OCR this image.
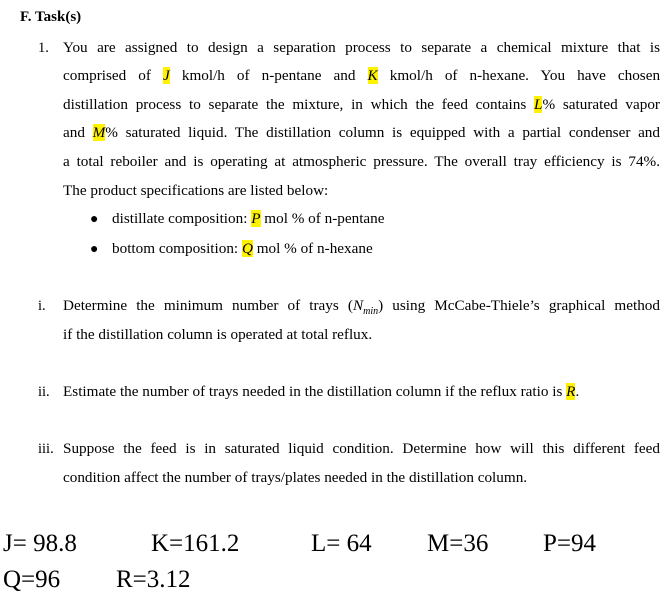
F. Task(s)
1. You are assigned to design a separation process to separate a chemical mixture that is
comprised of J kmol/h of n-pentane and K kmol/h of n-hexane. You have chosen
distillation process to separate the mixture, in which the feed contains L% saturated vapor
and M% saturated liquid. The distillation column is equipped with a partial condenser and
a total reboiler and is operating at atmospheric pressure. The overall tray efficiency is 74%.
The product specifications are listed below:
● distillate composition: P mol % of n-pentane
● bottom composition: Q mol % of n-hexane
i. Determine the minimum number of trays $(N_{min})$ using McCabe-Thiele’s graphical method
if the distillation column is operated at total reflux.
ii. Estimate the number of trays needed in the distillation column if the reflux ratio is R.
iii. Suppose the feed is in saturated liquid condition. Determine how will this different feed
condition affect the number of trays/plates needed in the distillation column.
J= 98.8	K=161.2	L= 64 M=36 P=94
Q=96 R=3.12
